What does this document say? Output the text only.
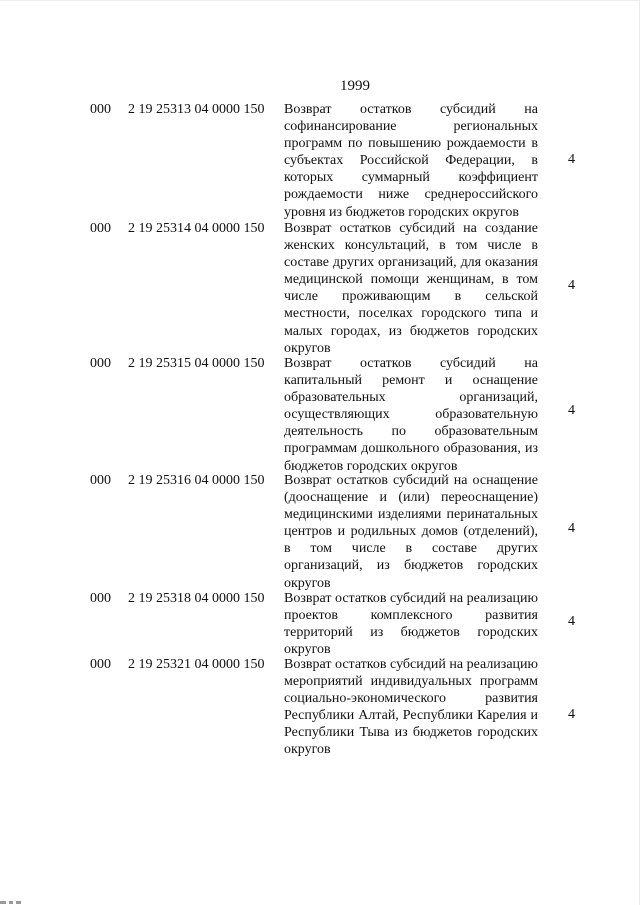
1999
000 2 19 25313 04 0000 150 Возврат остатков субсидий на софинансирование региональных программ по повышению рождаемости в субъектах Российской Федерации, в которых суммарный коэффициент рождаемости ниже среднероссийского уровня из бюджетов городских округов
4
000 2 19 25314 04 0000 150 Возврат остатков субсидий на создание женских консультаций, в том числе в составе других организаций, для оказания медицинской помощи женщинам, в том числе проживающим в сельской местности, поселках городского типа и малых городах, из бюджетов городских округов
4
000 2 19 25315 04 0000 150 Возврат остатков субсидий на капитальный ремонт и оснащение образовательных организаций, осуществляющих образовательную деятельность по образовательным программам дошкольного образования, из бюджетов городских округов
4
000 2 19 25316 04 0000 150 Возврат остатков субсидий на оснащение (дооснащение и (или) переоснащение) медицинскими изделиями перинатальных центров и родильных домов (отделений), в том числе в составе других организаций, из бюджетов городских округов
4
000 2 19 25318 04 0000 150 Возврат остатков субсидий на реализацию проектов комплексного развития территорий из бюджетов городских округов
4
000 2 19 25321 04 0000 150 Возврат остатков субсидий на реализацию мероприятий индивидуальных программ социально-экономического развития Республики Алтай, Республики Карелия и Республики Тыва из бюджетов городских округов
4
